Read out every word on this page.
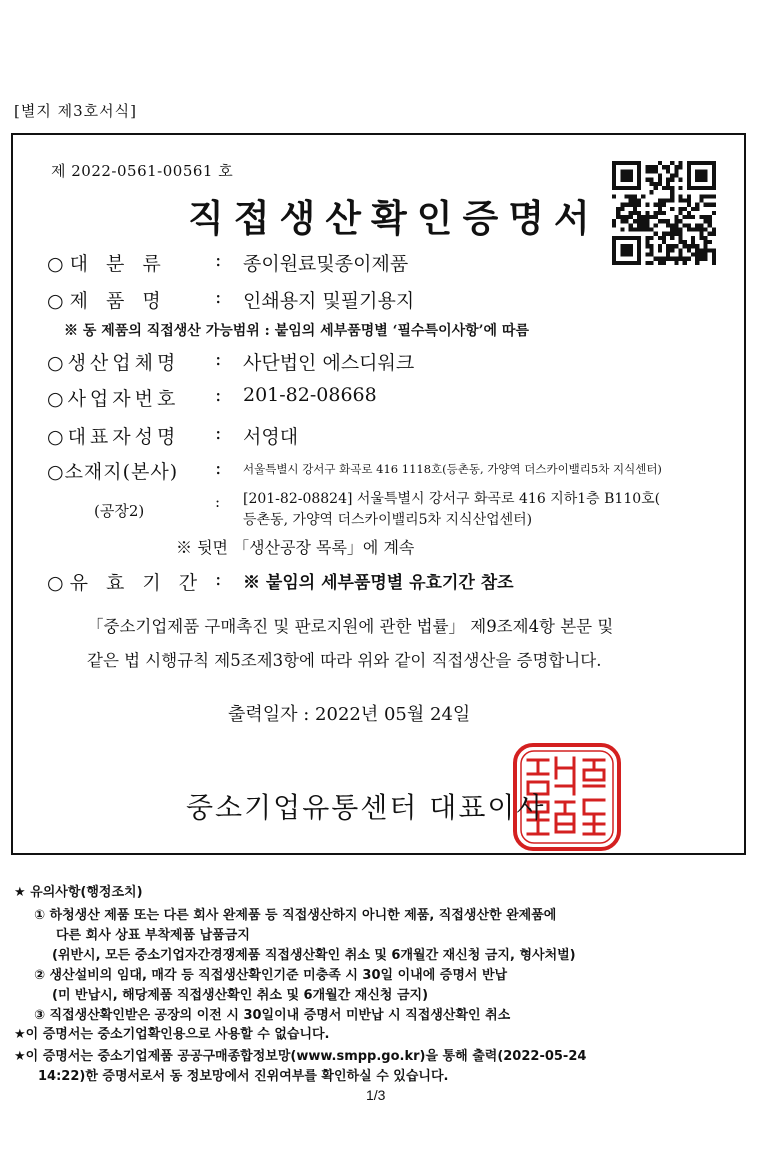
[별지 제3호서식]
제 2022-0561-00561 호
직접생산확인증명서
○대 분 류	: 종이원료및종이제품
○제 품 명	: 인쇄용지 및필기용지
※ 동 제품의 직접생산 가능범위 : 붙임의 세부품명별 ‘필수특이사항’에 따름
○생산업체명 : 사단법인 에스디워크
○사업자번호 : 201-82-08668
○대표자성명 : 서영대
○소재지(본사) : 서울특별시 강서구 화곡로 416 1118호(등촌동, 가양역 더스카이밸리5차 지식센터)
(공장2)	: [201-82-08824] 서울특별시 강서구 화곡로 416 지하1층 B110호(
등촌동, 가양역 더스카이밸리5차 지식산업센터)
※ 뒷면 「생산공장 목록」에 계속
○유 효 기 간 : ※ 붙임의 세부품명별 유효기간 참조
「중소기업제품 구매촉진 및 판로지원에 관한 법률」 제9조제4항 본문 및
같은 법 시행규칙 제5조제3항에 따라 위와 같이 직접생산을 증명합니다.
출력일자 : 2022년 05월 24일
중소기업유통센터 대표이사
★ 유의사항(행정조치)
① 하청생산 제품 또는 다른 회사 완제품 등 직접생산하지 아니한 제품, 직접생산한 완제품에
다른 회사 상표 부착제품 납품금지
(위반시, 모든 중소기업자간경쟁제품 직접생산확인 취소 및 6개월간 재신청 금지, 형사처벌)
② 생산설비의 임대, 매각 등 직접생산확인기준 미충족 시 30일 이내에 증명서 반납
(미 반납시, 해당제품 직접생산확인 취소 및 6개월간 재신청 금지)
③ 직접생산확인받은 공장의 이전 시 30일이내 증명서 미반납 시 직접생산확인 취소
★이 증명서는 중소기업확인용으로 사용할 수 없습니다.
★이 증명서는 중소기업제품 공공구매종합정보망(www.smpp.go.kr)을 통해 출력(2022-05-24
14:22)한 증명서로서 동 정보망에서 진위여부를 확인하실 수 있습니다.
1/3
